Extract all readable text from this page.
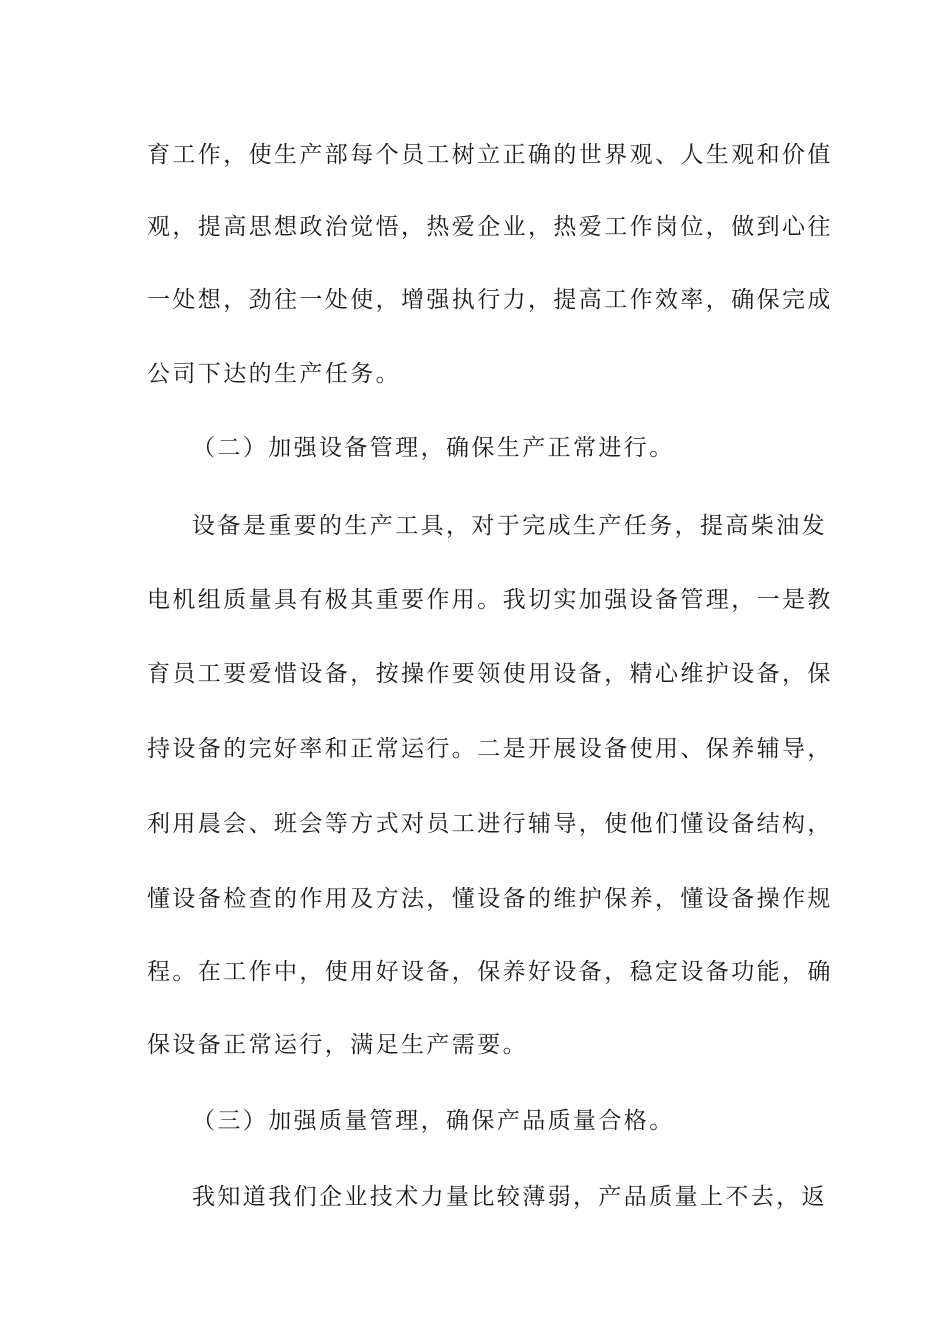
育工作，使生产部每个员工树立正确的世界观、人生观和价值
观，提高思想政治觉悟，热爱企业，热爱工作岗位，做到心往
一处想，劲往一处使，增强执行力，提高工作效率，确保完成
公司下达的生产任务。
（二）加强设备管理，确保生产正常进行。
设备是重要的生产工具，对于完成生产任务，提高柴油发
电机组质量具有极其重要作用。我切实加强设备管理，一是教
育员工要爱惜设备，按操作要领使用设备，精心维护设备，保
持设备的完好率和正常运行。二是开展设备使用、保养辅导，
利用晨会、班会等方式对员工进行辅导，使他们懂设备结构，
懂设备检查的作用及方法，懂设备的维护保养，懂设备操作规
程。在工作中，使用好设备，保养好设备，稳定设备功能，确
保设备正常运行，满足生产需要。
（三）加强质量管理，确保产品质量合格。
我知道我们企业技术力量比较薄弱，产品质量上不去，返
